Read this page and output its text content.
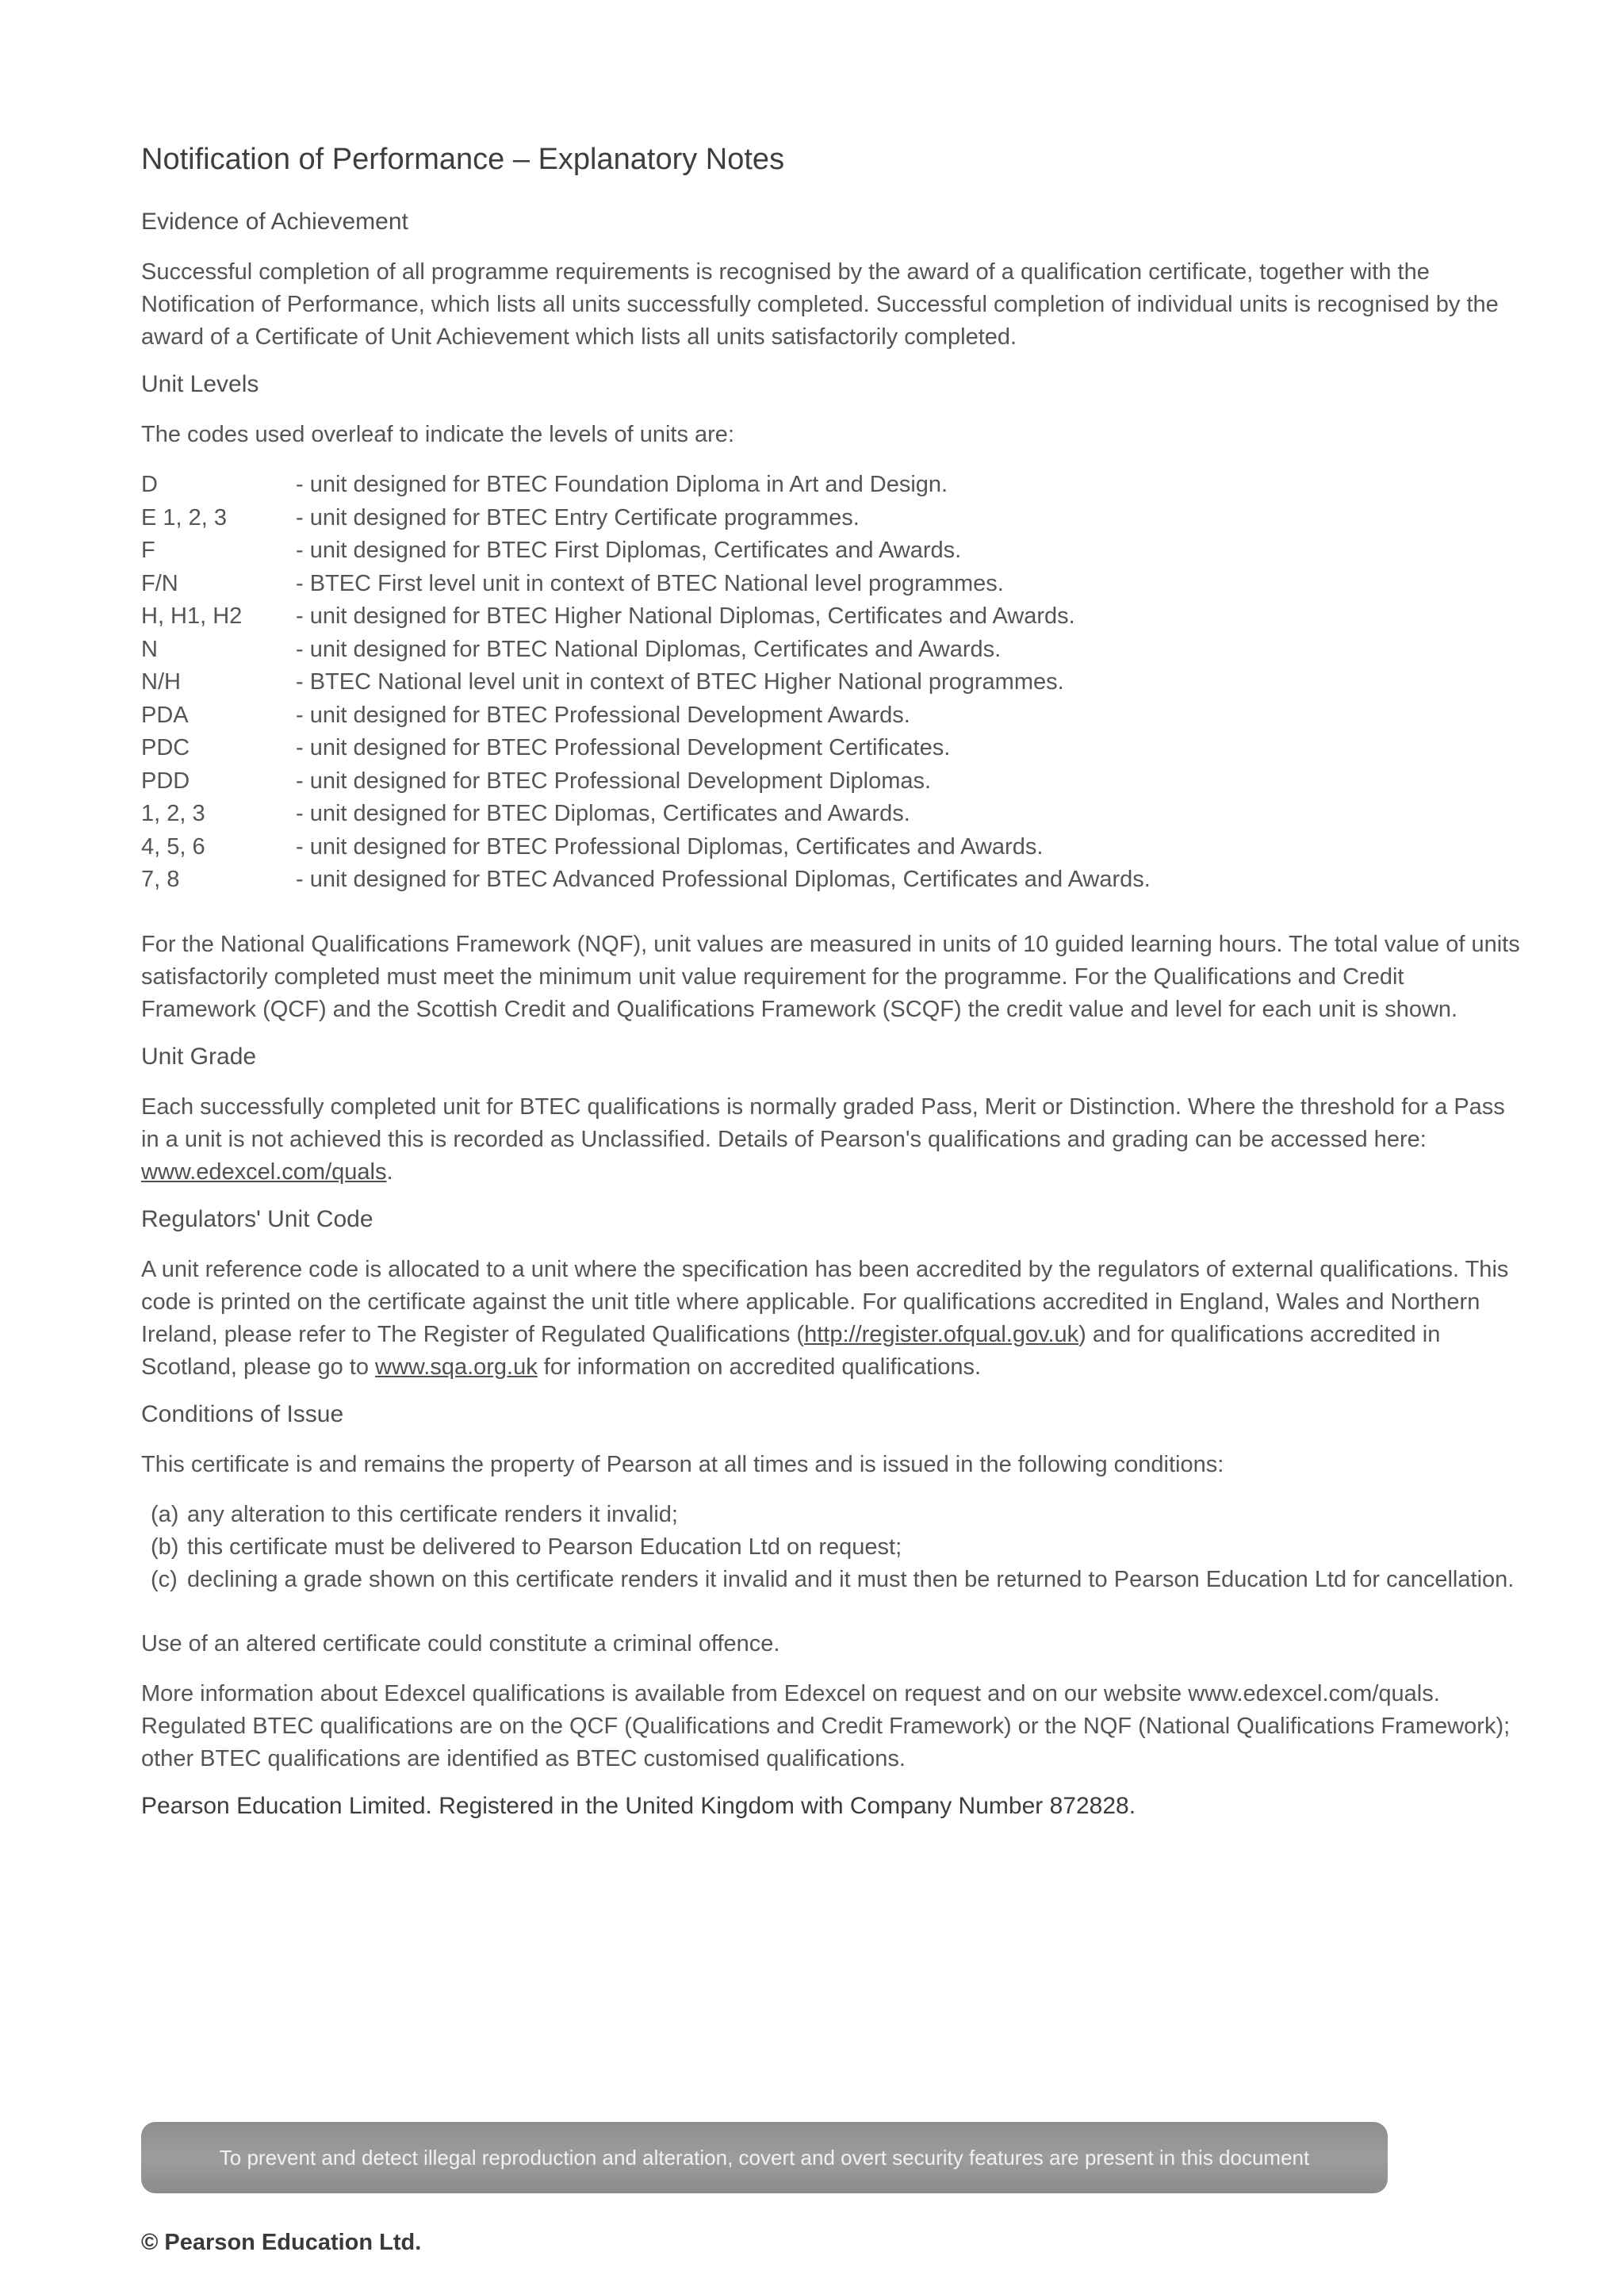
Notification of Performance – Explanatory Notes
Evidence of Achievement

Successful completion of all programme requirements is recognised by the award of a qualification certificate, together with the Notification of Performance, which lists all units successfully completed. Successful completion of individual units is recognised by the award of a Certificate of Unit Achievement which lists all units satisfactorily completed.

Unit Levels

The codes used overleaf to indicate the levels of units are:

D	- unit designed for BTEC Foundation Diploma in Art and Design.
E 1, 2, 3	- unit designed for BTEC Entry Certificate programmes.
F	- unit designed for BTEC First Diplomas, Certificates and Awards.
F/N	- BTEC First level unit in context of BTEC National level programmes.
H, H1, H2	- unit designed for BTEC Higher National Diplomas, Certificates and Awards.
N	- unit designed for BTEC National Diplomas, Certificates and Awards.
N/H	- BTEC National level unit in context of BTEC Higher National programmes.
PDA	- unit designed for BTEC Professional Development Awards.
PDC	- unit designed for BTEC Professional Development Certificates.
PDD	- unit designed for BTEC Professional Development Diplomas.
1, 2, 3	- unit designed for BTEC Diplomas, Certificates and Awards.
4, 5, 6	- unit designed for BTEC Professional Diplomas, Certificates and Awards.
7, 8	- unit designed for BTEC Advanced Professional Diplomas, Certificates and Awards.

For the National Qualifications Framework (NQF), unit values are measured in units of 10 guided learning hours. The total value of units satisfactorily completed must meet the minimum unit value requirement for the programme. For the Qualifications and Credit Framework (QCF) and the Scottish Credit and Qualifications Framework (SCQF) the credit value and level for each unit is shown.

Unit Grade

Each successfully completed unit for BTEC qualifications is normally graded Pass, Merit or Distinction. Where the threshold for a Pass in a unit is not achieved this is recorded as Unclassified. Details of Pearson's qualifications and grading can be accessed here: www.edexcel.com/quals.

Regulators' Unit Code

A unit reference code is allocated to a unit where the specification has been accredited by the regulators of external qualifications. This code is printed on the certificate against the unit title where applicable. For qualifications accredited in England, Wales and Northern Ireland, please refer to The Register of Regulated Qualifications (http://register.ofqual.gov.uk) and for qualifications accredited in Scotland, please go to www.sqa.org.uk for information on accredited qualifications.

Conditions of Issue

This certificate is and remains the property of Pearson at all times and is issued in the following conditions:

(a) any alteration to this certificate renders it invalid;
(b) this certificate must be delivered to Pearson Education Ltd on request;
(c) declining a grade shown on this certificate renders it invalid and it must then be returned to Pearson Education Ltd for cancellation.

Use of an altered certificate could constitute a criminal offence.

More information about Edexcel qualifications is available from Edexcel on request and on our website www.edexcel.com/quals. Regulated BTEC qualifications are on the QCF (Qualifications and Credit Framework) or the NQF (National Qualifications Framework); other BTEC qualifications are identified as BTEC customised qualifications.

Pearson Education Limited. Registered in the United Kingdom with Company Number 872828.

To prevent and detect illegal reproduction and alteration, covert and overt security features are present in this document
© Pearson Education Ltd.
